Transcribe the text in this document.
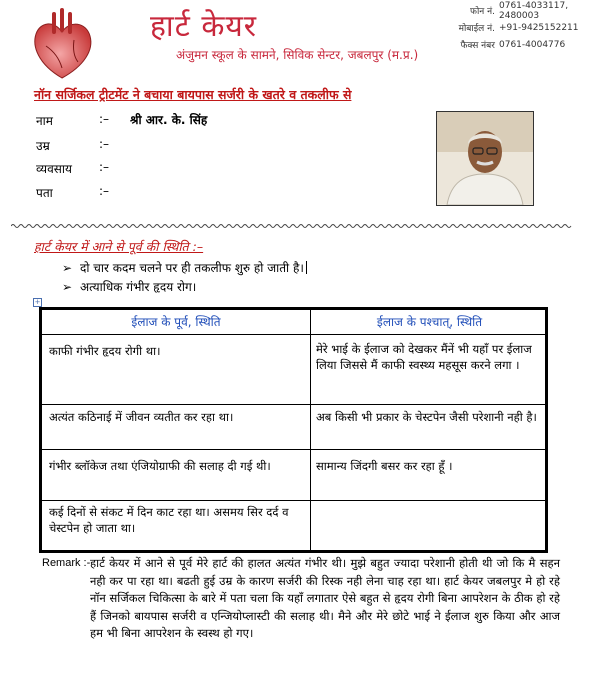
हार्ट केयर
अंजुमन स्कूल के सामने, सिविक सेन्टर, जबलपुर (म.प्र.)
फोन नं.
0761-4033117, 2480003
मोबाईल नं. +91-9425152211
फैक्स नंबर 0761-4004776
नॉन सर्जिकल ट्रीटमेंट ने बचाया बायपास सर्जरी के खतरे व तकलीफ से
नाम	:– श्री आर. के. सिंह
उम्र	:–
व्यवसाय :–
पता	:–
हार्ट केयर में आने से पूर्व की स्थिति :–
➢ दो चार कदम चलने पर ही तकलीफ शुरु हो जाती है।
➢ अत्याधिक गंभीर हृदय रोग।
+
ईलाज के पूर्व, स्थिति	ईलाज के पश्चात्, स्थिति
काफी गंभीर हृदय रोगी था।	मेरे भाई के ईलाज को देखकर मैंनें भी यहॉं पर ईलाज लिया जिससे मैं काफी स्वस्थ्य महसूस करने लगा ।
अत्यंत कठिनाई में जीवन व्यतीत कर रहा था।	अब किसी भी प्रकार के चेस्टपेन जैसी परेशानी नही है।
गंभीर ब्लॉकेज तथा एंजियोग्राफी की सलाह दी गई थी।	सामान्य जिंदगी बसर कर रहा हूँ ।
कई दिनों से संकट में दिन काट रहा था। असमय सिर दर्द व चेस्टपेन हो जाता था।
Remark :- हार्ट केयर में आने से पूर्व मेरे हार्ट की हालत अत्यंत गंभीर थी। मुझे बहुत ज्यादा परेशानी होती थी जो कि मै सहन नही कर पा रहा था। बढती हुई उम्र के कारण सर्जरी की रिस्क नही लेना चाह रहा था। हार्ट केयर जबलपुर मे हो रहे नॉन सर्जिकल चिकित्सा के बारे में पता चला कि यहॉं लगातार ऐसे बहुत से हृदय रोगी बिना आपरेशन के ठीक हो रहे हैं जिनको बायपास सर्जरी व एन्जियोप्लास्टी की सलाह थी। मैने और मेरे छोटे भाई ने ईलाज शुरु किया और आज हम भी बिना आपरेशन के स्वस्थ हो गए।
